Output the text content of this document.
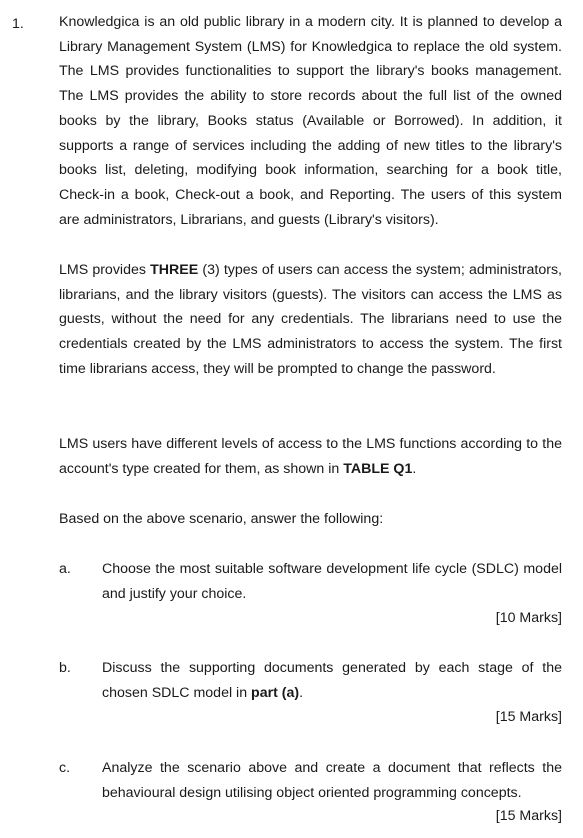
1. Knowledgica is an old public library in a modern city. It is planned to develop a Library Management System (LMS) for Knowledgica to replace the old system. The LMS provides functionalities to support the library's books management. The LMS provides the ability to store records about the full list of the owned books by the library, Books status (Available or Borrowed). In addition, it supports a range of services including the adding of new titles to the library's books list, deleting, modifying book information, searching for a book title, Check-in a book, Check-out a book, and Reporting. The users of this system are administrators, Librarians, and guests (Library's visitors).

LMS provides THREE (3) types of users can access the system; administrators, librarians, and the library visitors (guests). The visitors can access the LMS as guests, without the need for any credentials. The librarians need to use the credentials created by the LMS administrators to access the system. The first time librarians access, they will be prompted to change the password.

LMS users have different levels of access to the LMS functions according to the account's type created for them, as shown in TABLE Q1.

Based on the above scenario, answer the following:

a. Choose the most suitable software development life cycle (SDLC) model and justify your choice.

[10 Marks]
b. Discuss the supporting documents generated by each stage of the chosen SDLC model in part (a).

[15 Marks]
c. Analyze the scenario above and create a document that reflects the behavioural design utilising object oriented programming concepts.

[15 Marks]
